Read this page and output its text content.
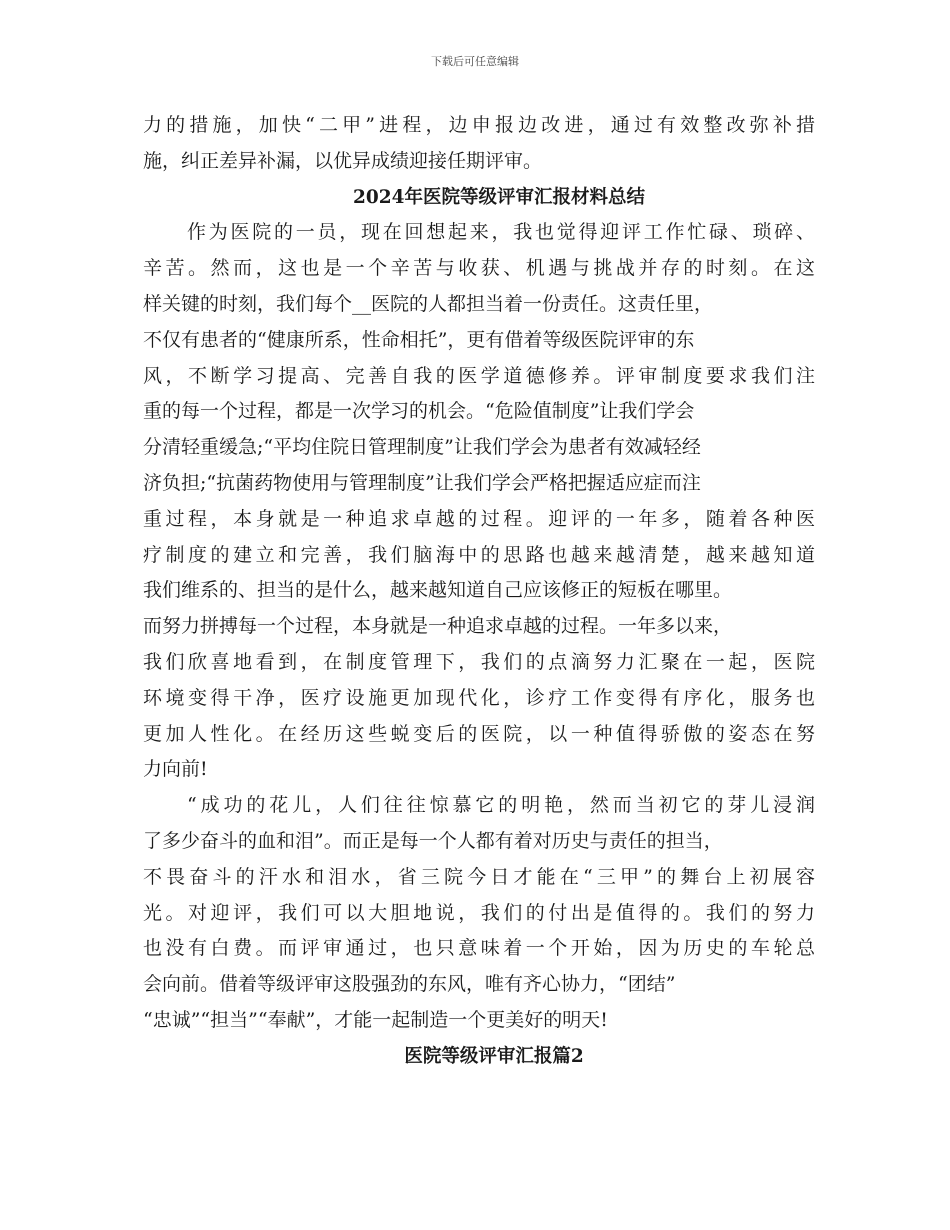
下载后可任意编辑
力的措施，加快“二甲”进程，边申报边改进，通过有效整改弥补措
施，纠正差异补漏，以优异成绩迎接任期评审。
2024年医院等级评审汇报材料总结
作为医院的一员，现在回想起来，我也觉得迎评工作忙碌、琐碎、
辛苦。然而，这也是一个辛苦与收获、机遇与挑战并存的时刻。在这
样关键的时刻，我们每个__医院的人都担当着一份责任。这责任里，
不仅有患者的“健康所系，性命相托”，更有借着等级医院评审的东
风，不断学习提高、完善自我的医学道德修养。评审制度要求我们注
重的每一个过程，都是一次学习的机会。“危险值制度”让我们学会
分清轻重缓急;“平均住院日管理制度”让我们学会为患者有效减轻经
济负担;“抗菌药物使用与管理制度”让我们学会严格把握适应症而注
重过程，本身就是一种追求卓越的过程。迎评的一年多，随着各种医
疗制度的建立和完善，我们脑海中的思路也越来越清楚，越来越知道
我们维系的、担当的是什么，越来越知道自己应该修正的短板在哪里。
而努力拼搏每一个过程，本身就是一种追求卓越的过程。一年多以来，
我们欣喜地看到，在制度管理下，我们的点滴努力汇聚在一起，医院
环境变得干净，医疗设施更加现代化，诊疗工作变得有序化，服务也
更加人性化。在经历这些蜕变后的医院，以一种值得骄傲的姿态在努
力向前!
“成功的花儿，人们往往惊慕它的明艳，然而当初它的芽儿浸润
了多少奋斗的血和泪”。而正是每一个人都有着对历史与责任的担当，
不畏奋斗的汗水和泪水，省三院今日才能在“三甲”的舞台上初展容
光。对迎评，我们可以大胆地说，我们的付出是值得的。我们的努力
也没有白费。而评审通过，也只意味着一个开始，因为历史的车轮总
会向前。借着等级评审这股强劲的东风，唯有齐心协力，“团结”
“忠诚”“担当”“奉献”，才能一起制造一个更美好的明天!
医院等级评审汇报篇2
